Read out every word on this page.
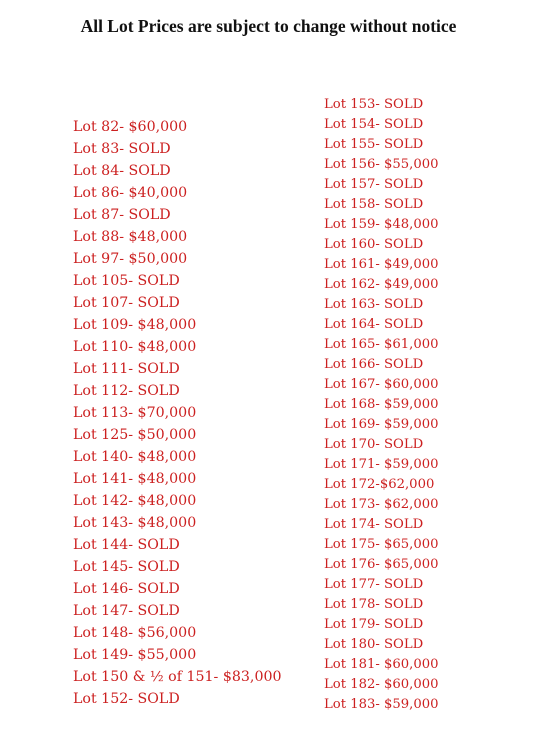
All Lot Prices are subject to change without notice
Lot 82- $60,000
Lot 83- SOLD
Lot 84- SOLD
Lot 86- $40,000
Lot 87- SOLD
Lot 88- $48,000
Lot 97- $50,000
Lot 105- SOLD
Lot 107- SOLD
Lot 109- $48,000
Lot 110- $48,000
Lot 111- SOLD
Lot 112- SOLD
Lot 113- $70,000
Lot 125- $50,000
Lot 140- $48,000
Lot 141- $48,000
Lot 142- $48,000
Lot 143- $48,000
Lot 144- SOLD
Lot 145- SOLD
Lot 146- SOLD
Lot 147- SOLD
Lot 148- $56,000
Lot 149- $55,000
Lot 150 & ½ of 151- $83,000
Lot 152- SOLD
Lot 153- SOLD
Lot 154- SOLD
Lot 155- SOLD
Lot 156- $55,000
Lot 157- SOLD
Lot 158- SOLD
Lot 159- $48,000
Lot 160- SOLD
Lot 161- $49,000
Lot 162- $49,000
Lot 163- SOLD
Lot 164- SOLD
Lot 165- $61,000
Lot 166- SOLD
Lot 167- $60,000
Lot 168- $59,000
Lot 169- $59,000
Lot 170- SOLD
Lot 171- $59,000
Lot 172-$62,000
Lot 173- $62,000
Lot 174- SOLD
Lot 175- $65,000
Lot 176- $65,000
Lot 177- SOLD
Lot 178- SOLD
Lot 179- SOLD
Lot 180- SOLD
Lot 181- $60,000
Lot 182- $60,000
Lot 183- $59,000
